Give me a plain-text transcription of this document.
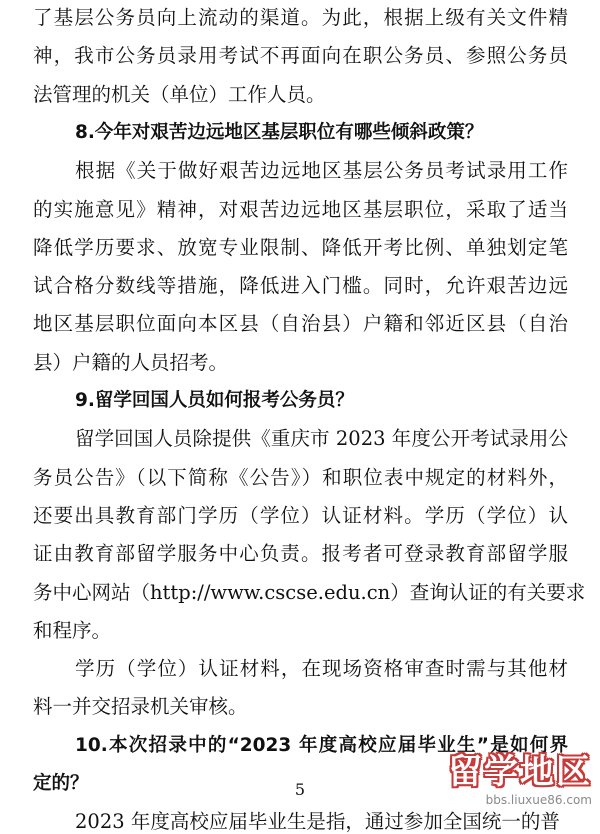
了基层公务员向上流动的渠道。为此，根据上级有关文件精
神，我市公务员录用考试不再面向在职公务员、参照公务员
法管理的机关（单位）工作人员。
8.今年对艰苦边远地区基层职位有哪些倾斜政策？
根据《关于做好艰苦边远地区基层公务员考试录用工作
的实施意见》精神，对艰苦边远地区基层职位，采取了适当
降低学历要求、放宽专业限制、降低开考比例、单独划定笔
试合格分数线等措施，降低进入门槛。同时，允许艰苦边远
地区基层职位面向本区县（自治县）户籍和邻近区县（自治
县）户籍的人员招考。
9.留学回国人员如何报考公务员？
留学回国人员除提供《重庆市 2023 年度公开考试录用公
务员公告》（以下简称《公告》）和职位表中规定的材料外，
还要出具教育部门学历（学位）认证材料。学历（学位）认
证由教育部留学服务中心负责。报考者可登录教育部留学服
务中心网站（http://www.cscse.edu.cn）查询认证的有关要求
和程序。
学历（学位）认证材料，在现场资格审查时需与其他材
料一并交招录机关审核。
10.本次招录中的“2023 年度高校应届毕业生”是如何界
定的？
2023 年度高校应届毕业生是指，通过参加全国统一的普
5	留学地区
bbs.liuxue86.com
